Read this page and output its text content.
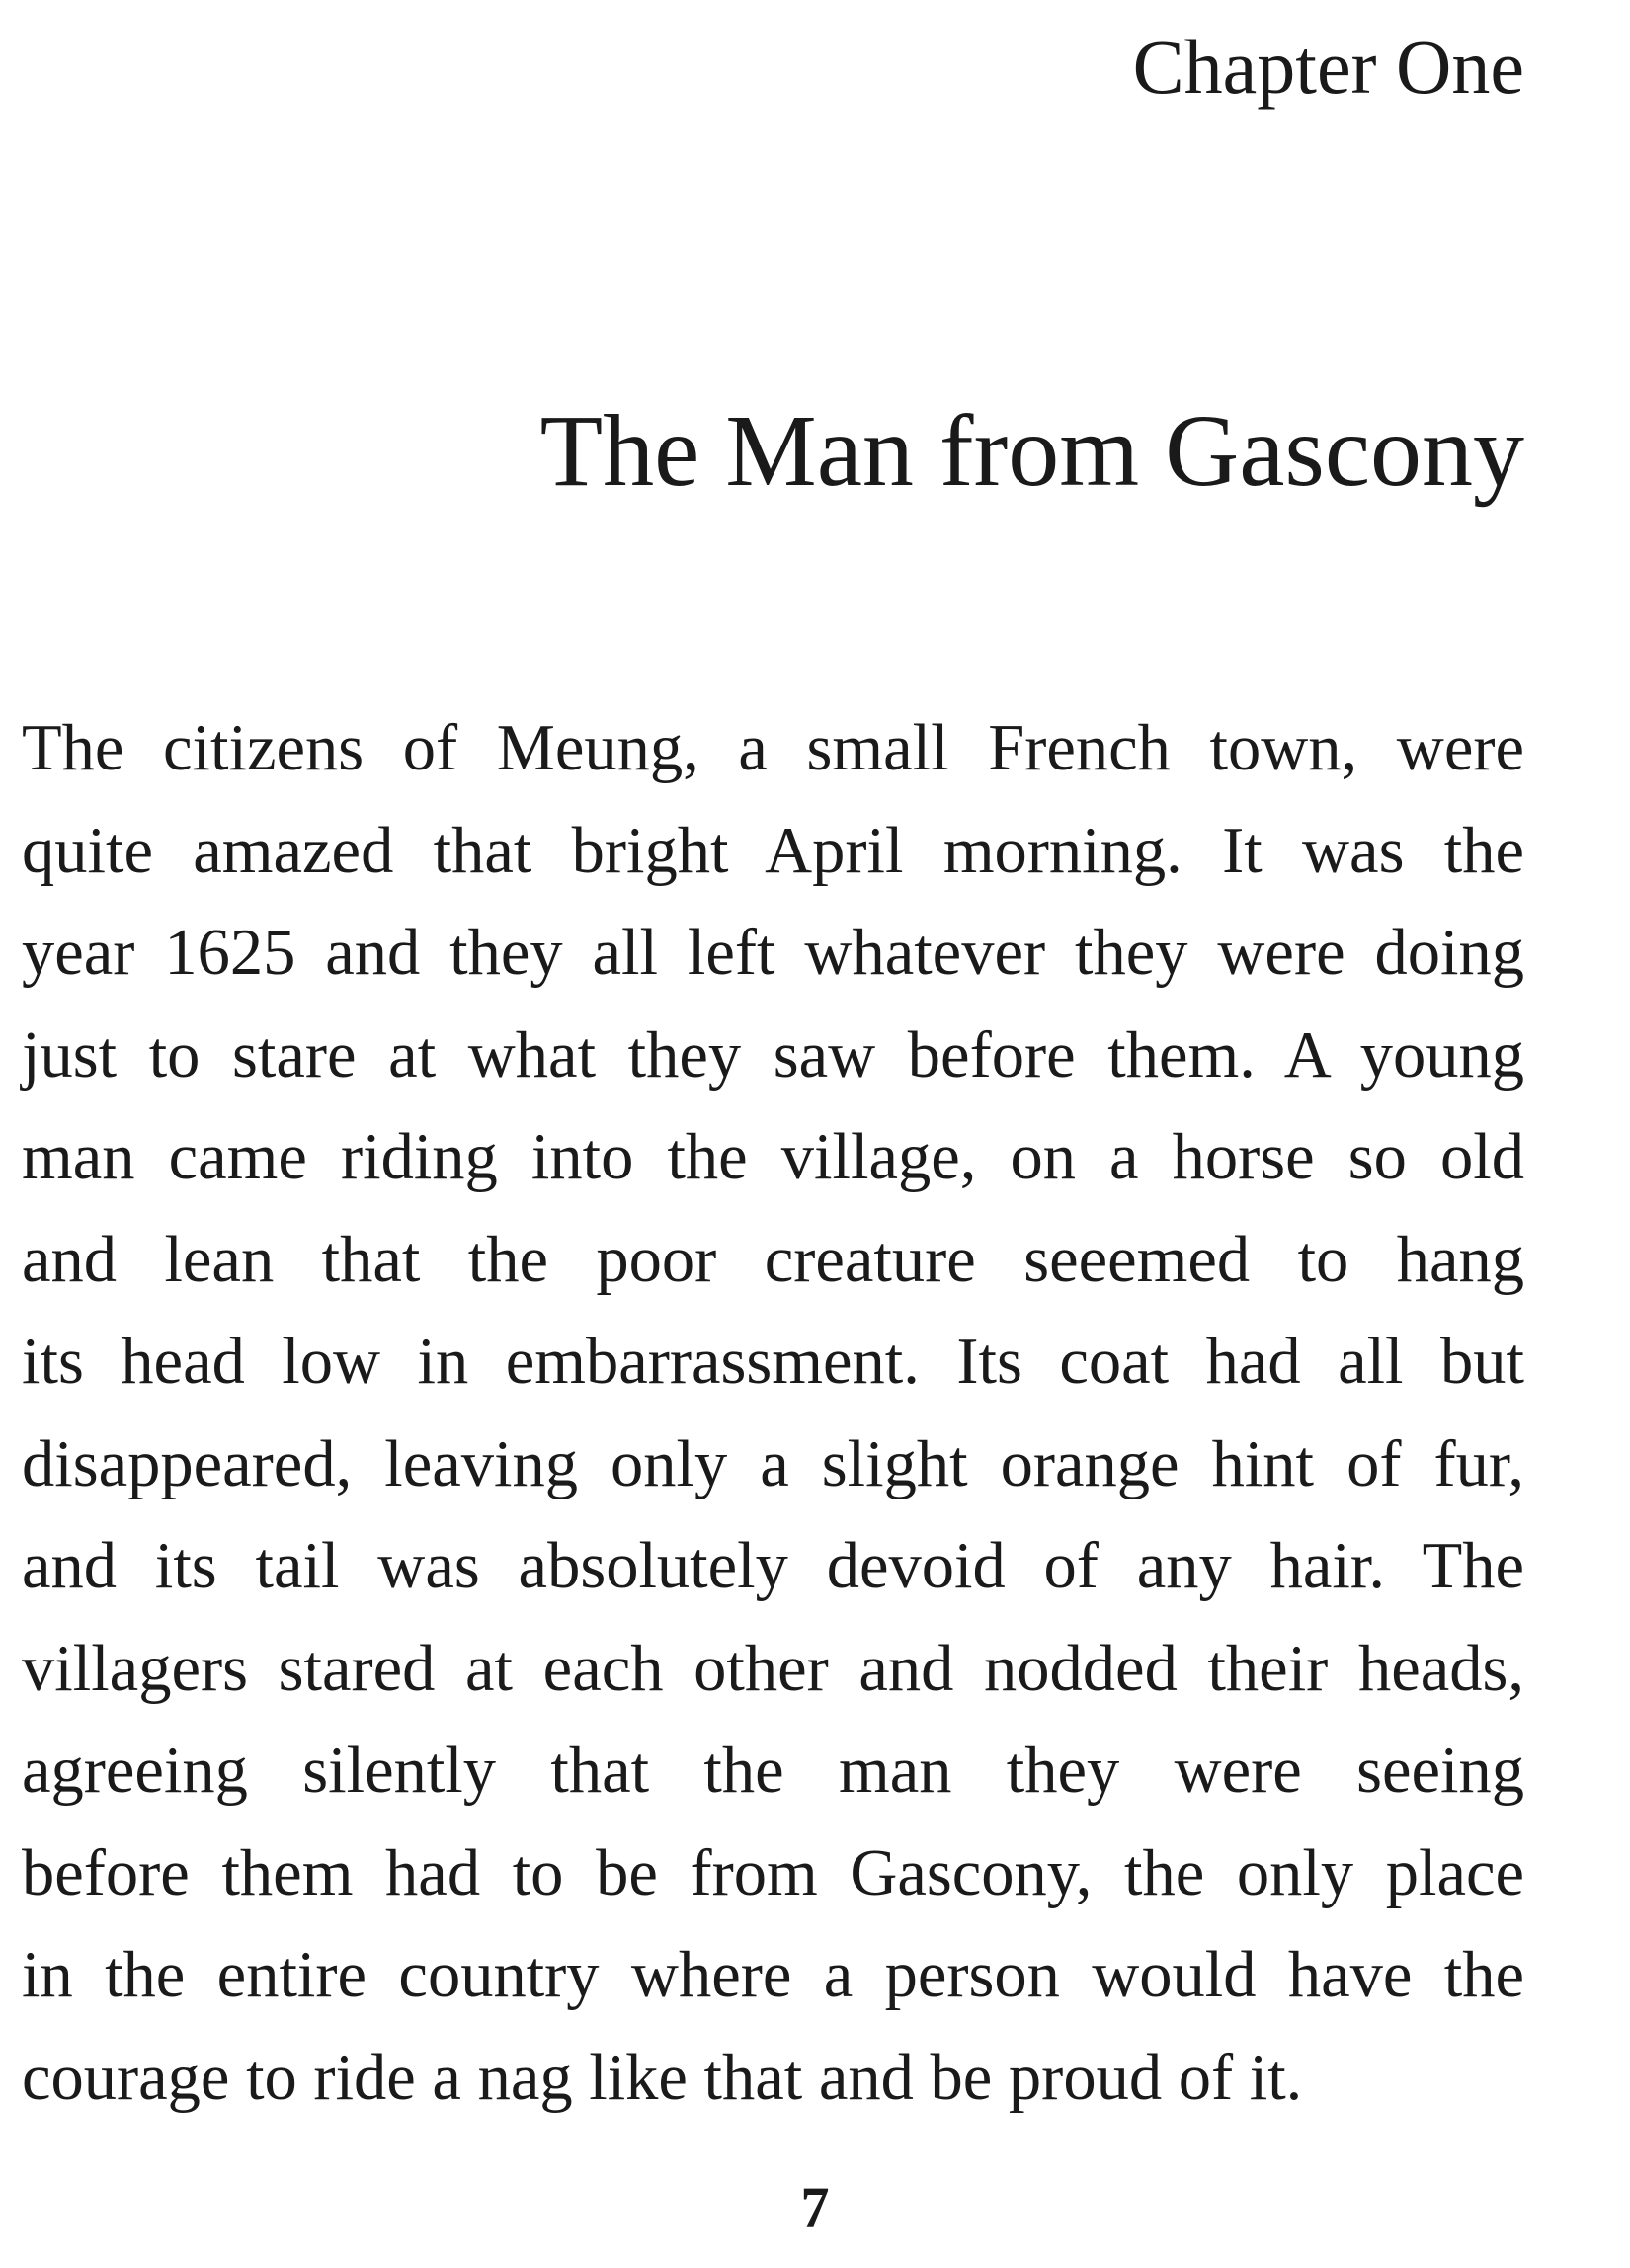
Chapter One
The Man from Gascony

The citizens of Meung, a small French town, were
quite amazed that bright April morning. It was the
year 1625 and they all left whatever they were doing
just to stare at what they saw before them. A young
man came riding into the village, on a horse so old
and lean that the poor creature seeemed to hang
its head low in embarrassment. Its coat had all but
disappeared, leaving only a slight orange hint of fur,
and its tail was absolutely devoid of any hair. The
villagers stared at each other and nodded their heads,
agreeing silently that the man they were seeing
before them had to be from Gascony, the only place
in the entire country where a person would have the
courage to ride a nag like that and be proud of it.

7
